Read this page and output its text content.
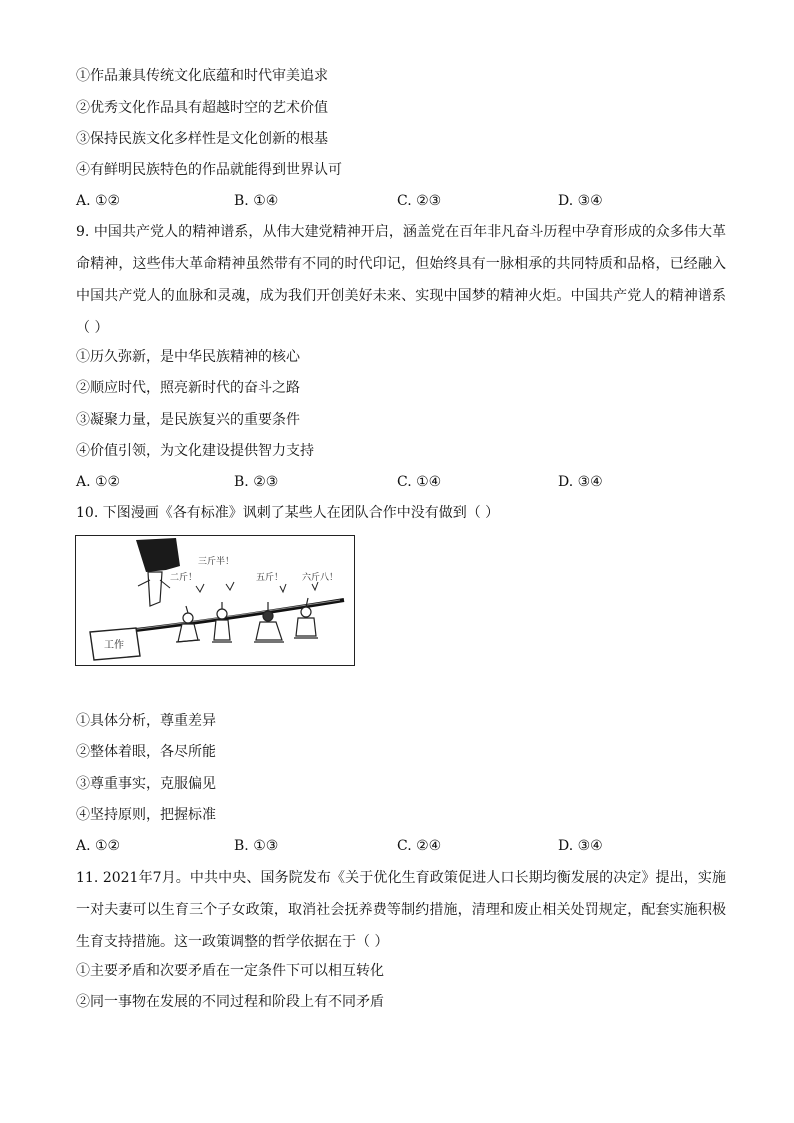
①作品兼具传统文化底蕴和时代审美追求
②优秀文化作品具有超越时空的艺术价值
③保持民族文化多样性是文化创新的根基
④有鲜明民族特色的作品就能得到世界认可
A. ①②	B. ①④	C. ②③	D. ③④
9. 中国共产党人的精神谱系，从伟大建党精神开启，涵盖党在百年非凡奋斗历程中孕育形成的众多伟大革命精神，这些伟大革命精神虽然带有不同的时代印记，但始终具有一脉相承的共同特质和品格，已经融入中国共产党人的血脉和灵魂，成为我们开创美好未来、实现中国梦的精神火炬。中国共产党人的精神谱系（ ）
①历久弥新，是中华民族精神的核心
②顺应时代，照亮新时代的奋斗之路
③凝聚力量，是民族复兴的重要条件
④价值引领，为文化建设提供智力支持
A. ①②	B. ②③	C. ①④	D. ③④
10. 下图漫画《各有标准》讽刺了某些人在团队合作中没有做到（ ）
工作
二斤！
三斤半！
五斤！ 六斤八！
①具体分析，尊重差异
②整体着眼，各尽所能
③尊重事实，克服偏见
④坚持原则，把握标准
A. ①②	B. ①③	C. ②④	D. ③④
11. 2021年7月。中共中央、国务院发布《关于优化生育政策促进人口长期均衡发展的决定》提出，实施一对夫妻可以生育三个子女政策，取消社会抚养费等制约措施，清理和废止相关处罚规定，配套实施积极生育支持措施。这一政策调整的哲学依据在于（ ）
①主要矛盾和次要矛盾在一定条件下可以相互转化
②同一事物在发展的不同过程和阶段上有不同矛盾
